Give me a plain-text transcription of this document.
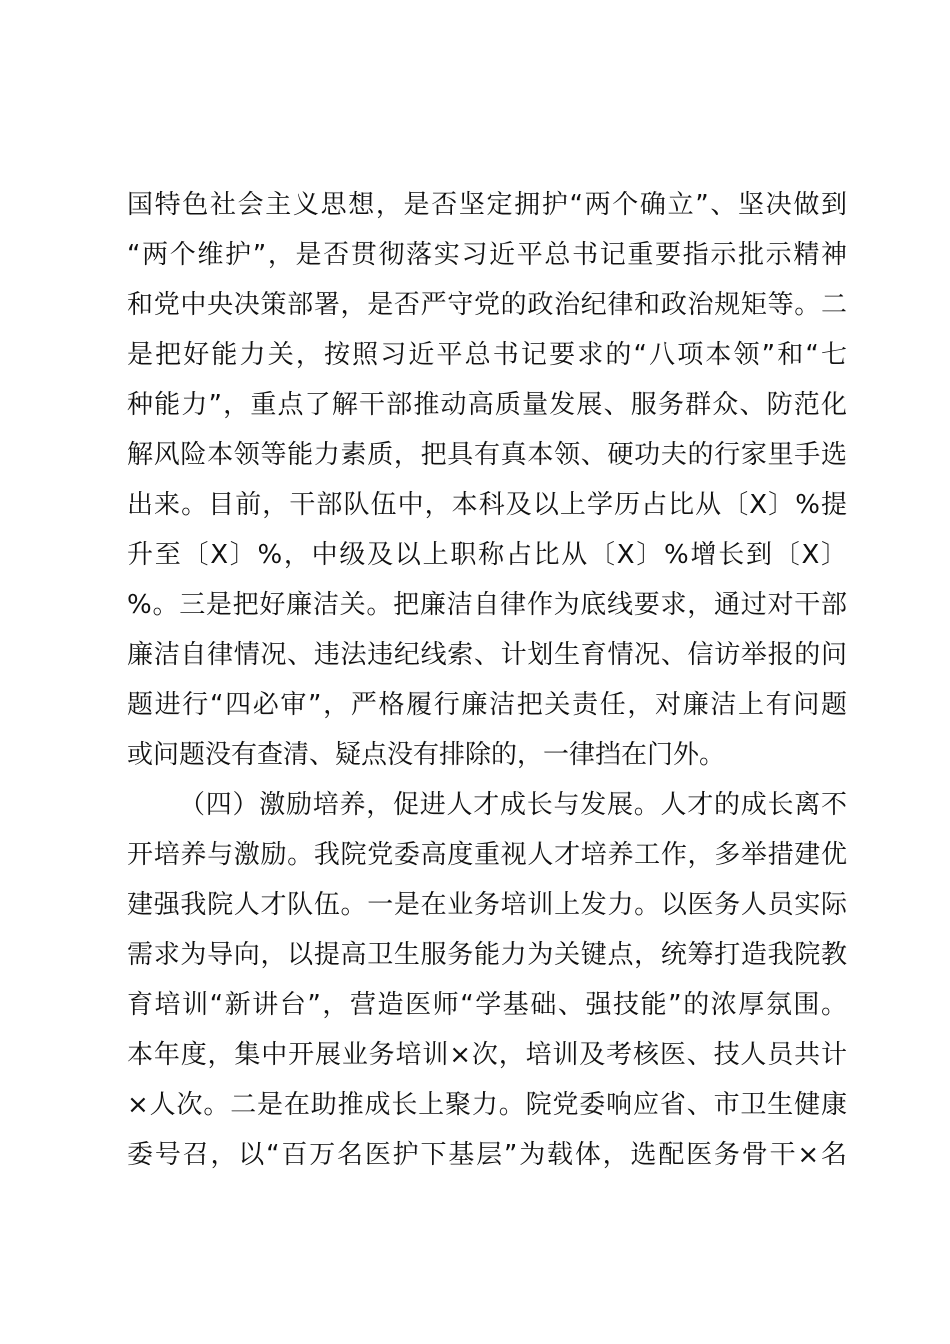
国特色社会主义思想，是否坚定拥护“两个确立”、坚决做到
“两个维护”，是否贯彻落实习近平总书记重要指示批示精神
和党中央决策部署，是否严守党的政治纪律和政治规矩等。二
是把好能力关，按照习近平总书记要求的“八项本领”和“七
种能力”，重点了解干部推动高质量发展、服务群众、防范化
解风险本领等能力素质，把具有真本领、硬功夫的行家里手选
出来。目前，干部队伍中，本科及以上学历占比从〔X〕%提
升至〔X〕%，中级及以上职称占比从〔X〕%增长到〔X〕
%。三是把好廉洁关。把廉洁自律作为底线要求，通过对干部
廉洁自律情况、违法违纪线索、计划生育情况、信访举报的问
题进行“四必审”，严格履行廉洁把关责任，对廉洁上有问题
或问题没有查清、疑点没有排除的，一律挡在门外。
（四）激励培养，促进人才成长与发展。人才的成长离不
开培养与激励。我院党委高度重视人才培养工作，多举措建优
建强我院人才队伍。一是在业务培训上发力。以医务人员实际
需求为导向，以提高卫生服务能力为关键点，统筹打造我院教
育培训“新讲台”，营造医师“学基础、强技能”的浓厚氛围。
本年度，集中开展业务培训×次，培训及考核医、技人员共计
×人次。二是在助推成长上聚力。院党委响应省、市卫生健康
委号召，以“百万名医护下基层”为载体，选配医务骨干×名
